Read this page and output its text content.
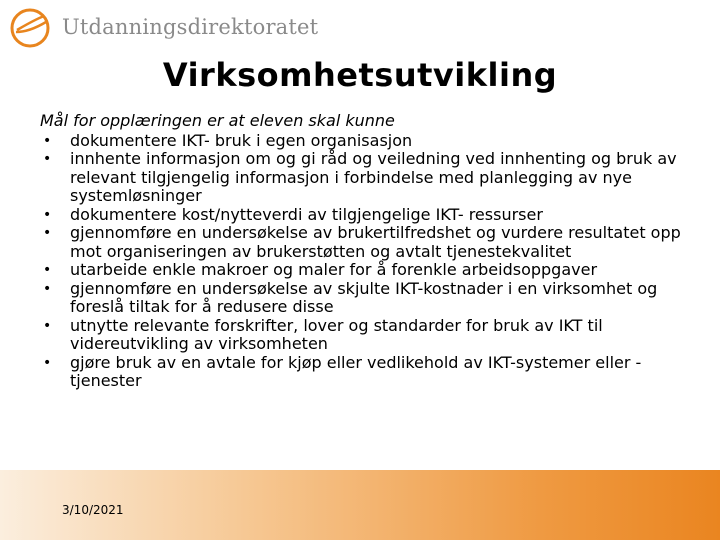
Utdanningsdirektoratet
Virksomhetsutvikling
Mål for opplæringen er at eleven skal kunne
• dokumentere IKT- bruk i egen organisasjon
• innhente informasjon om og gi råd og veiledning ved innhenting og bruk av relevant tilgjengelig informasjon i forbindelse med planlegging av nye systemløsninger
• dokumentere kost/nytteverdi av tilgjengelige IKT- ressurser
• gjennomføre en undersøkelse av brukertilfredshet og vurdere resultatet opp mot organiseringen av brukerstøtten og avtalt tjenestekvalitet
• utarbeide enkle makroer og maler for å forenkle arbeidsoppgaver
• gjennomføre en undersøkelse av skjulte IKT-kostnader i en virksomhet og foreslå tiltak for å redusere disse
• utnytte relevante forskrifter, lover og standarder for bruk av IKT til videreutvikling av virksomheten
• gjøre bruk av en avtale for kjøp eller vedlikehold av IKT-systemer eller -tjenester
3/10/2021
